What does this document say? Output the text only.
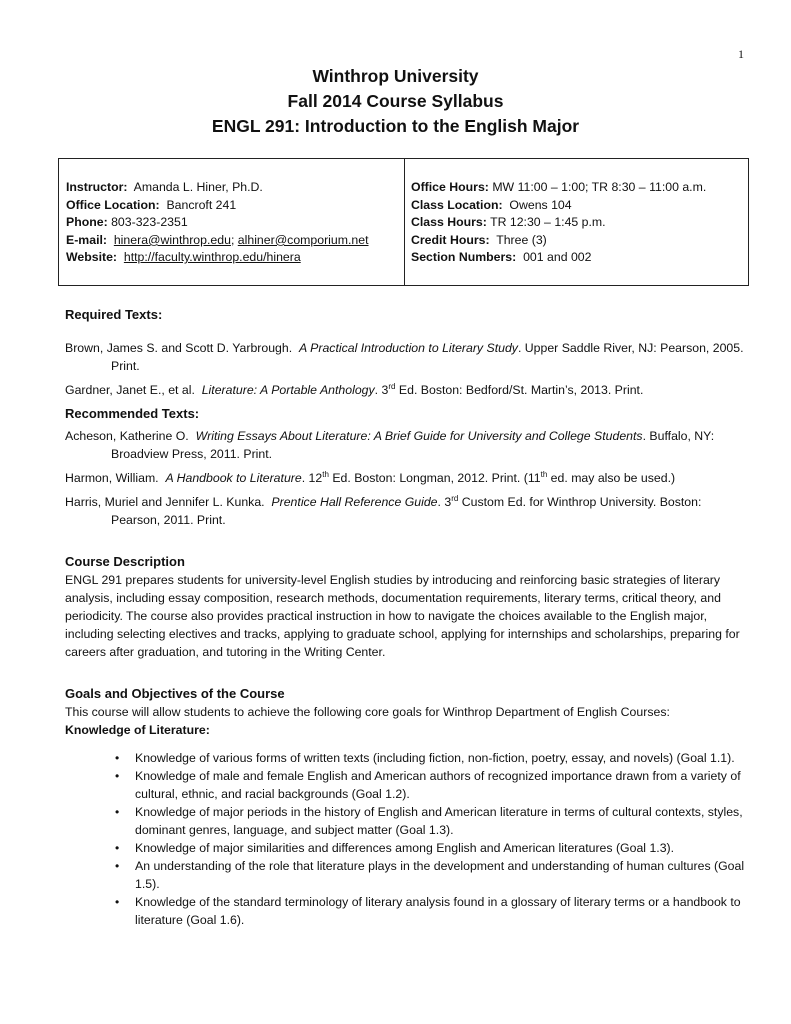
1
Winthrop University
Fall 2014 Course Syllabus
ENGL 291: Introduction to the English Major
Instructor: Amanda L. Hiner, Ph.D.
Office Location: Bancroft 241
Phone: 803-323-2351
E-mail: hinera@winthrop.edu; alhiner@comporium.net
Website: http://faculty.winthrop.edu/hinera
Office Hours: MW 11:00 – 1:00; TR 8:30 – 11:00 a.m.
Class Location: Owens 104
Class Hours: TR 12:30 – 1:45 p.m.
Credit Hours: Three (3)
Section Numbers: 001 and 002
Required Texts:

Brown, James S. and Scott D. Yarbrough. A Practical Introduction to Literary Study. Upper Saddle River, NJ: Pearson, 2005. Print.

Gardner, Janet E., et al. Literature: A Portable Anthology. 3rd Ed. Boston: Bedford/St. Martin’s, 2013. Print.

Recommended Texts:

Acheson, Katherine O. Writing Essays About Literature: A Brief Guide for University and College Students. Buffalo, NY: Broadview Press, 2011. Print.

Harmon, William. A Handbook to Literature. 12th Ed. Boston: Longman, 2012. Print. (11th ed. may also be used.)

Harris, Muriel and Jennifer L. Kunka. Prentice Hall Reference Guide. 3rd Custom Ed. for Winthrop University. Boston: Pearson, 2011. Print.

Course Description

ENGL 291 prepares students for university-level English studies by introducing and reinforcing basic strategies of literary analysis, including essay composition, research methods, documentation requirements, literary terms, critical theory, and periodicity. The course also provides practical instruction in how to navigate the choices available to the English major, including selecting electives and tracks, applying to graduate school, applying for internships and scholarships, preparing for careers after graduation, and tutoring in the Writing Center.

Goals and Objectives of the Course

This course will allow students to achieve the following core goals for Winthrop Department of English Courses:

Knowledge of Literature:

• Knowledge of various forms of written texts (including fiction, non-fiction, poetry, essay, and novels) (Goal 1.1).
• Knowledge of male and female English and American authors of recognized importance drawn from a variety of cultural, ethnic, and racial backgrounds (Goal 1.2).
• Knowledge of major periods in the history of English and American literature in terms of cultural contexts, styles, dominant genres, language, and subject matter (Goal 1.3).
• Knowledge of major similarities and differences among English and American literatures (Goal 1.3).
• An understanding of the role that literature plays in the development and understanding of human cultures (Goal 1.5).
• Knowledge of the standard terminology of literary analysis found in a glossary of literary terms or a handbook to literature (Goal 1.6).
